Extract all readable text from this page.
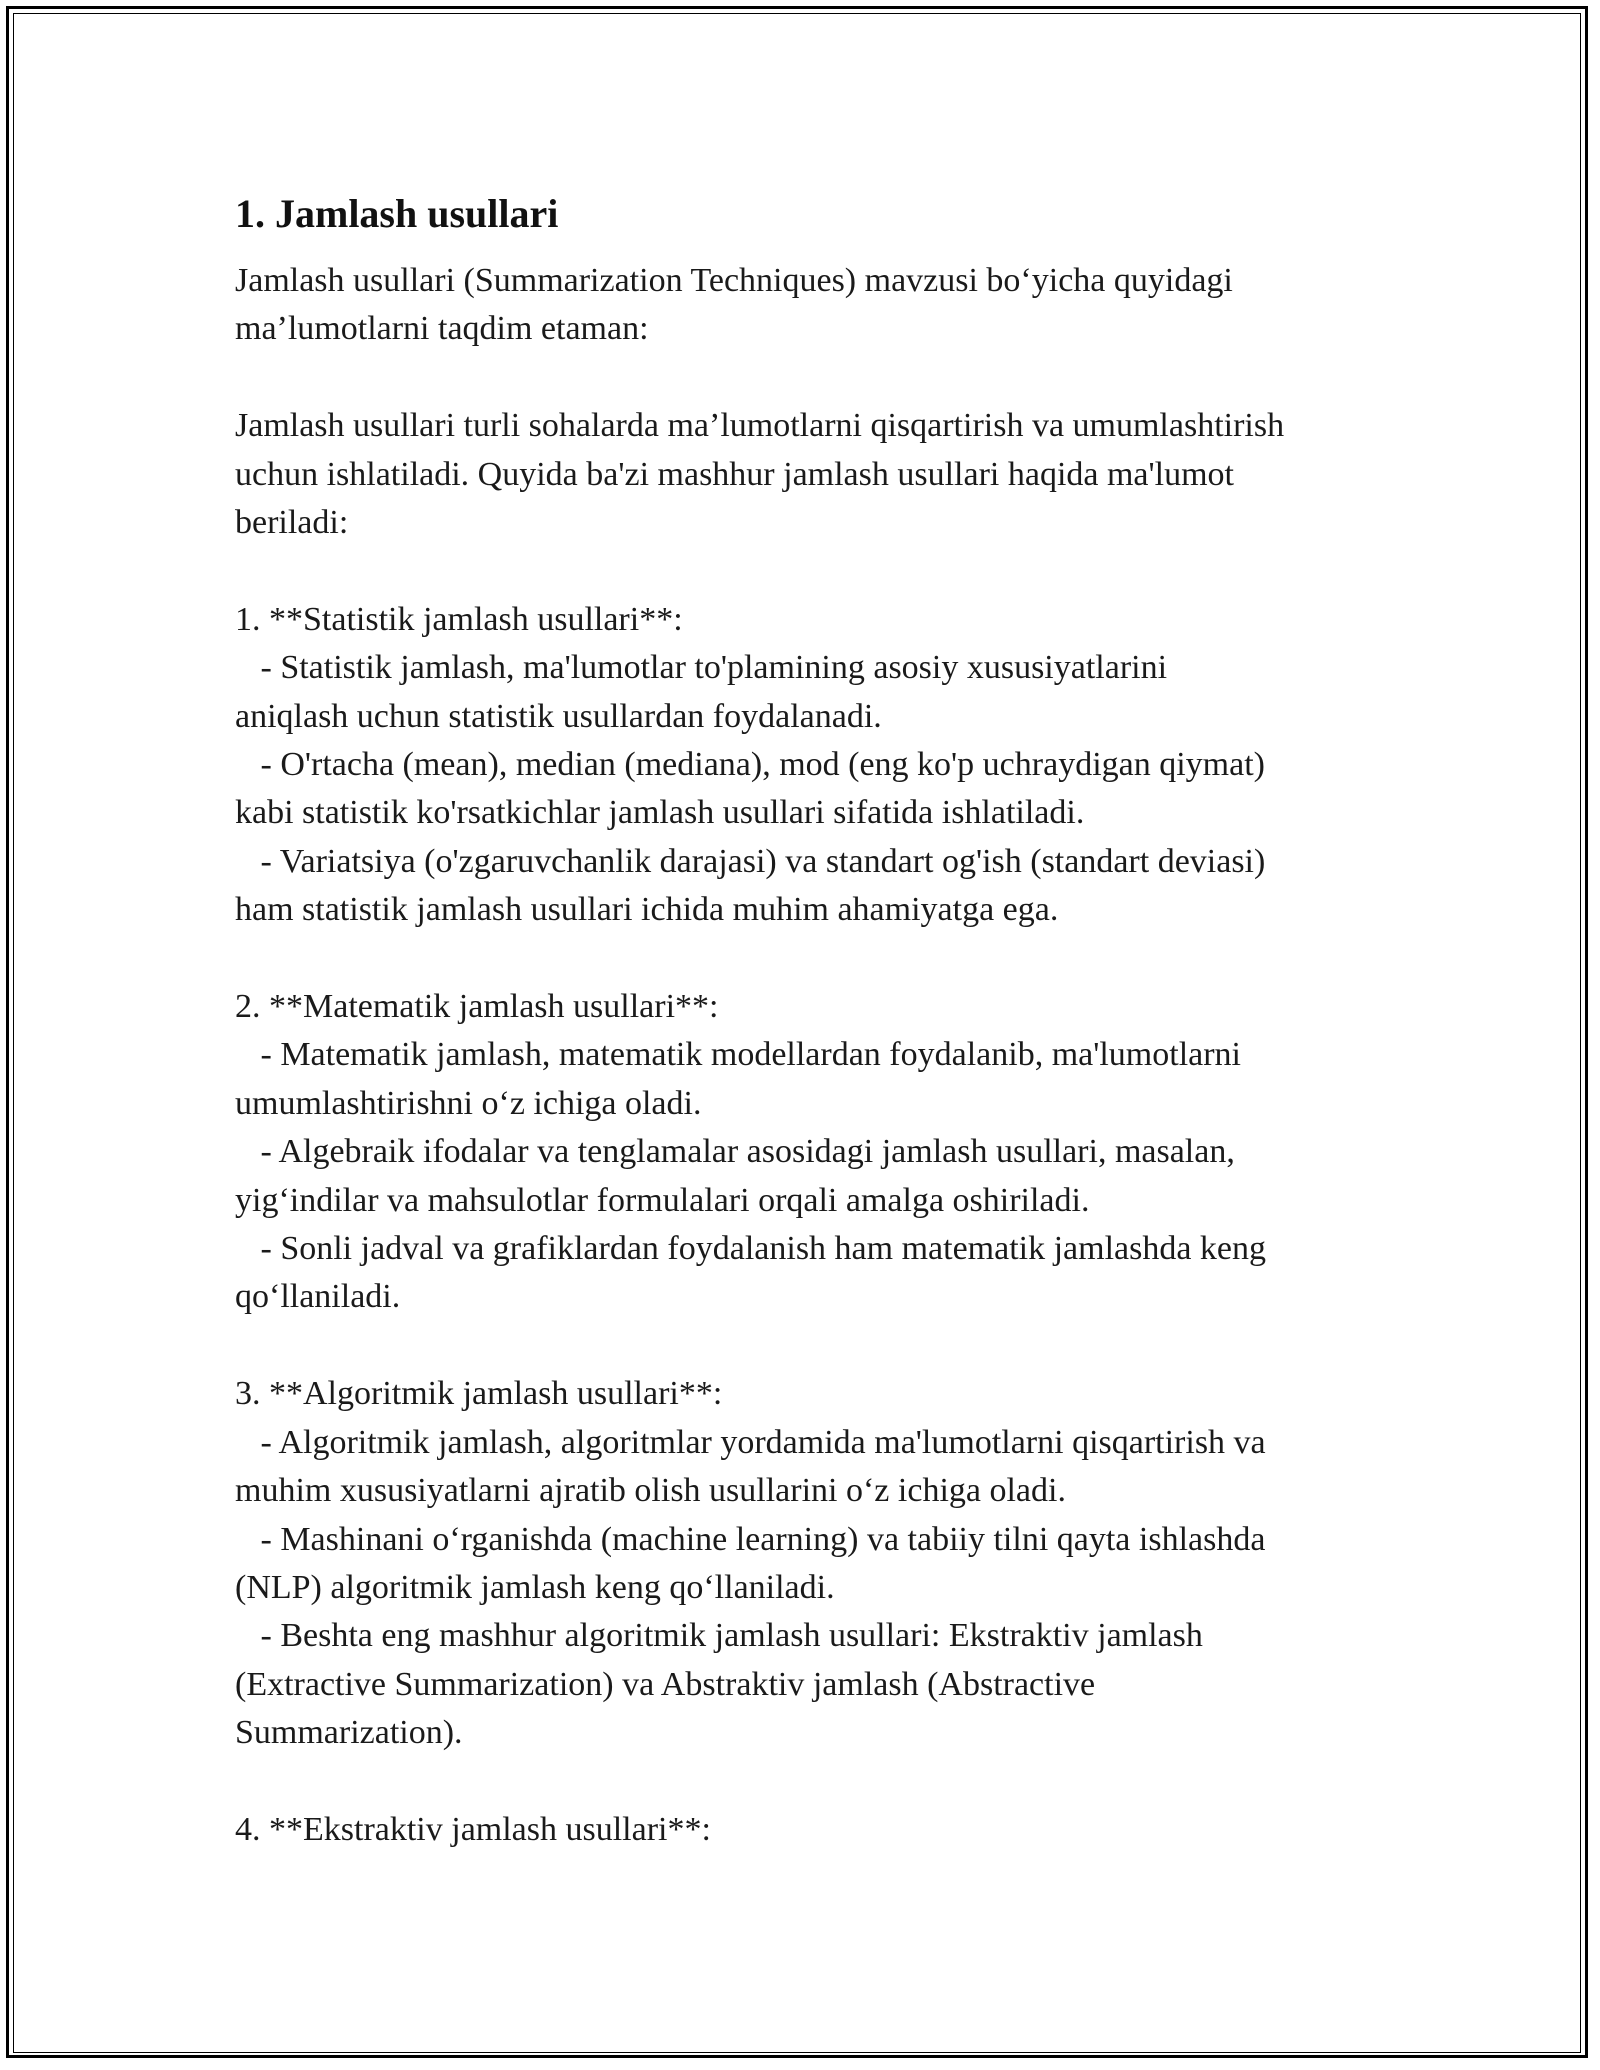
1. Jamlash usullari

Jamlash usullari (Summarization Techniques) mavzusi bo‘yicha quyidagi
ma’lumotlarni taqdim etaman:

Jamlash usullari turli sohalarda ma’lumotlarni qisqartirish va umumlashtirish
uchun ishlatiladi. Quyida ba'zi mashhur jamlash usullari haqida ma'lumot
beriladi:

1. **Statistik jamlash usullari**:
- Statistik jamlash, ma'lumotlar to'plamining asosiy xususiyatlarini
aniqlash uchun statistik usullardan foydalanadi.
- O'rtacha (mean), median (mediana), mod (eng ko'p uchraydigan qiymat)
kabi statistik ko'rsatkichlar jamlash usullari sifatida ishlatiladi.
- Variatsiya (o'zgaruvchanlik darajasi) va standart og'ish (standart deviasi)
ham statistik jamlash usullari ichida muhim ahamiyatga ega.

2. **Matematik jamlash usullari**:
- Matematik jamlash, matematik modellardan foydalanib, ma'lumotlarni
umumlashtirishni o‘z ichiga oladi.
- Algebraik ifodalar va tenglamalar asosidagi jamlash usullari, masalan,
yig‘indilar va mahsulotlar formulalari orqali amalga oshiriladi.
- Sonli jadval va grafiklardan foydalanish ham matematik jamlashda keng
qo‘llaniladi.

3. **Algoritmik jamlash usullari**:
- Algoritmik jamlash, algoritmlar yordamida ma'lumotlarni qisqartirish va
muhim xususiyatlarni ajratib olish usullarini o‘z ichiga oladi.
- Mashinani o‘rganishda (machine learning) va tabiiy tilni qayta ishlashda
(NLP) algoritmik jamlash keng qo‘llaniladi.
- Beshta eng mashhur algoritmik jamlash usullari: Ekstraktiv jamlash
(Extractive Summarization) va Abstraktiv jamlash (Abstractive
Summarization).

4. **Ekstraktiv jamlash usullari**:
